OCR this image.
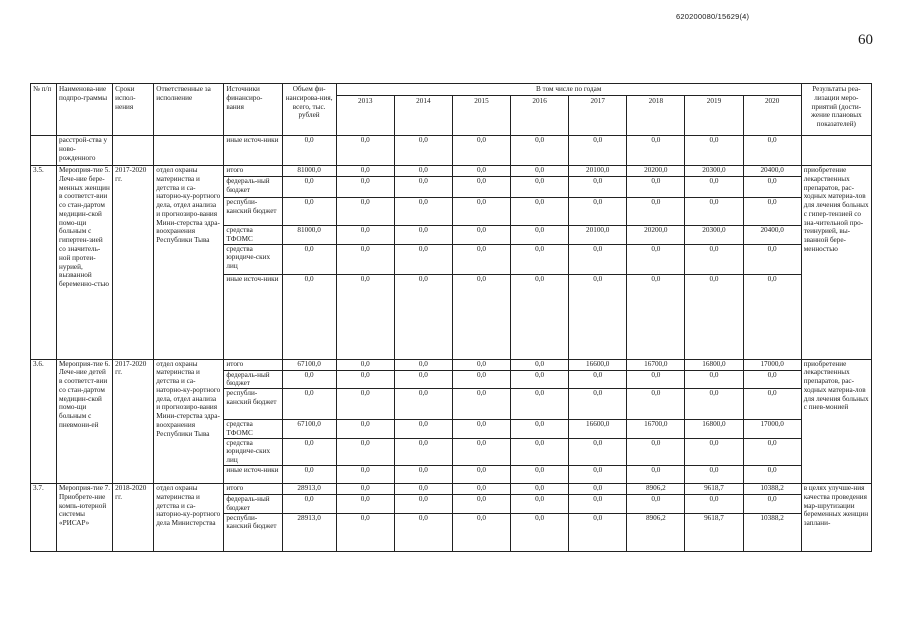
620200080/15629(4)
60
№ п/п	Наименова-ние подпро-граммы	Сроки испол-нения	Ответственные за исполнение	Источники финансиро-вания	Объем фи-нансирова-ния, всего, тыс. рублей	В том числе по годам								Результаты реа-лизации меро-приятий (дости-жение плановых показателей)
						2013	2014	2015	2016	2017	2018	2019	2020	
	расстрой-ства у ново-рожденного			иные источ-ники	0,0	0,0	0,0	0,0	0,0	0,0	0,0	0,0	0,0	
3.5.	Мероприя-тие 5. Лече-ние бере-менных женщин в соответст-вии со стан-дартом медицин-ской помо-щи больным с гипертен-зией со значитель-ной протеи-нурией, вызванной беременно-стью	2017-2020 гг.	отдел охраны материнства и детства и са-наторно-ку-рортного дела, отдел анализа и прогнозиро-вания Мини-стерства здра-воохранения Республики Тыва	итого	81000,0	0,0	0,0	0,0	0,0	20100,0	20200,0	20300,0	20400,0	приобретение лекарственных препаратов, рас-ходных материа-лов для лечения больных с гипер-тензией со зна-чительной про-теинурией, вы-званной бере-менностью
				федераль-ный бюджет	0,0	0,0	0,0	0,0	0,0	0,0	0,0	0,0	0,0	
				республи-канский бюджет	0,0	0,0	0,0	0,0	0,0	0,0	0,0	0,0	0,0	
				средства ТФОМС	81000,0	0,0	0,0	0,0	0,0	20100,0	20200,0	20300,0	20400,0	
				средства юридиче-ских лиц	0,0	0,0	0,0	0,0	0,0	0,0	0,0	0,0	0,0	
				иные источ-ники	0,0	0,0	0,0	0,0	0,0	0,0	0,0	0,0	0,0	
3.6.	Мероприя-тие 6. Лече-ние детей в соответст-вии со стан-дартом медицин-ской помо-щи больным с пневмони-ей	2017-2020 гг.	отдел охраны материнства и детства и са-наторно-ку-рортного дела, отдел анализа и прогнозиро-вания Мини-стерства здра-воохранения Республики Тыва	итого	67100,0	0,0	0,0	0,0	0,0	16600,0	16700,0	16800,0	17000,0	приобретение лекарственных препаратов, рас-ходных материа-лов для лечения больных с пнев-монией
				федераль-ный бюджет	0,0	0,0	0,0	0,0	0,0	0,0	0,0	0,0	0,0	
				республи-канский бюджет	0,0	0,0	0,0	0,0	0,0	0,0	0,0	0,0	0,0	
				средства ТФОМС	67100,0	0,0	0,0	0,0	0,0	16600,0	16700,0	16800,0	17000,0	
				средства юридиче-ских лиц	0,0	0,0	0,0	0,0	0,0	0,0	0,0	0,0	0,0	
				иные источ-ники	0,0	0,0	0,0	0,0	0,0	0,0	0,0	0,0	0,0	
3.7.	Мероприя-тие 7. Приобрете-ние компь-ютерной системы «РИСАР»	2018-2020 гг.	отдел охраны материнства и детства и са-наторно-ку-рортного дела Министерства	итого	28913,0	0,0	0,0	0,0	0,0	0,0	8906,2	9618,7	10388,2	в целях улучше-ния качества проведения мар-шрутизации беременных женщин заплани-
				федераль-ный бюджет	0,0	0,0	0,0	0,0	0,0	0,0	0,0	0,0	0,0	
				республи-канский бюджет	28913,0	0,0	0,0	0,0	0,0	0,0	8906,2	9618,7	10388,2	
